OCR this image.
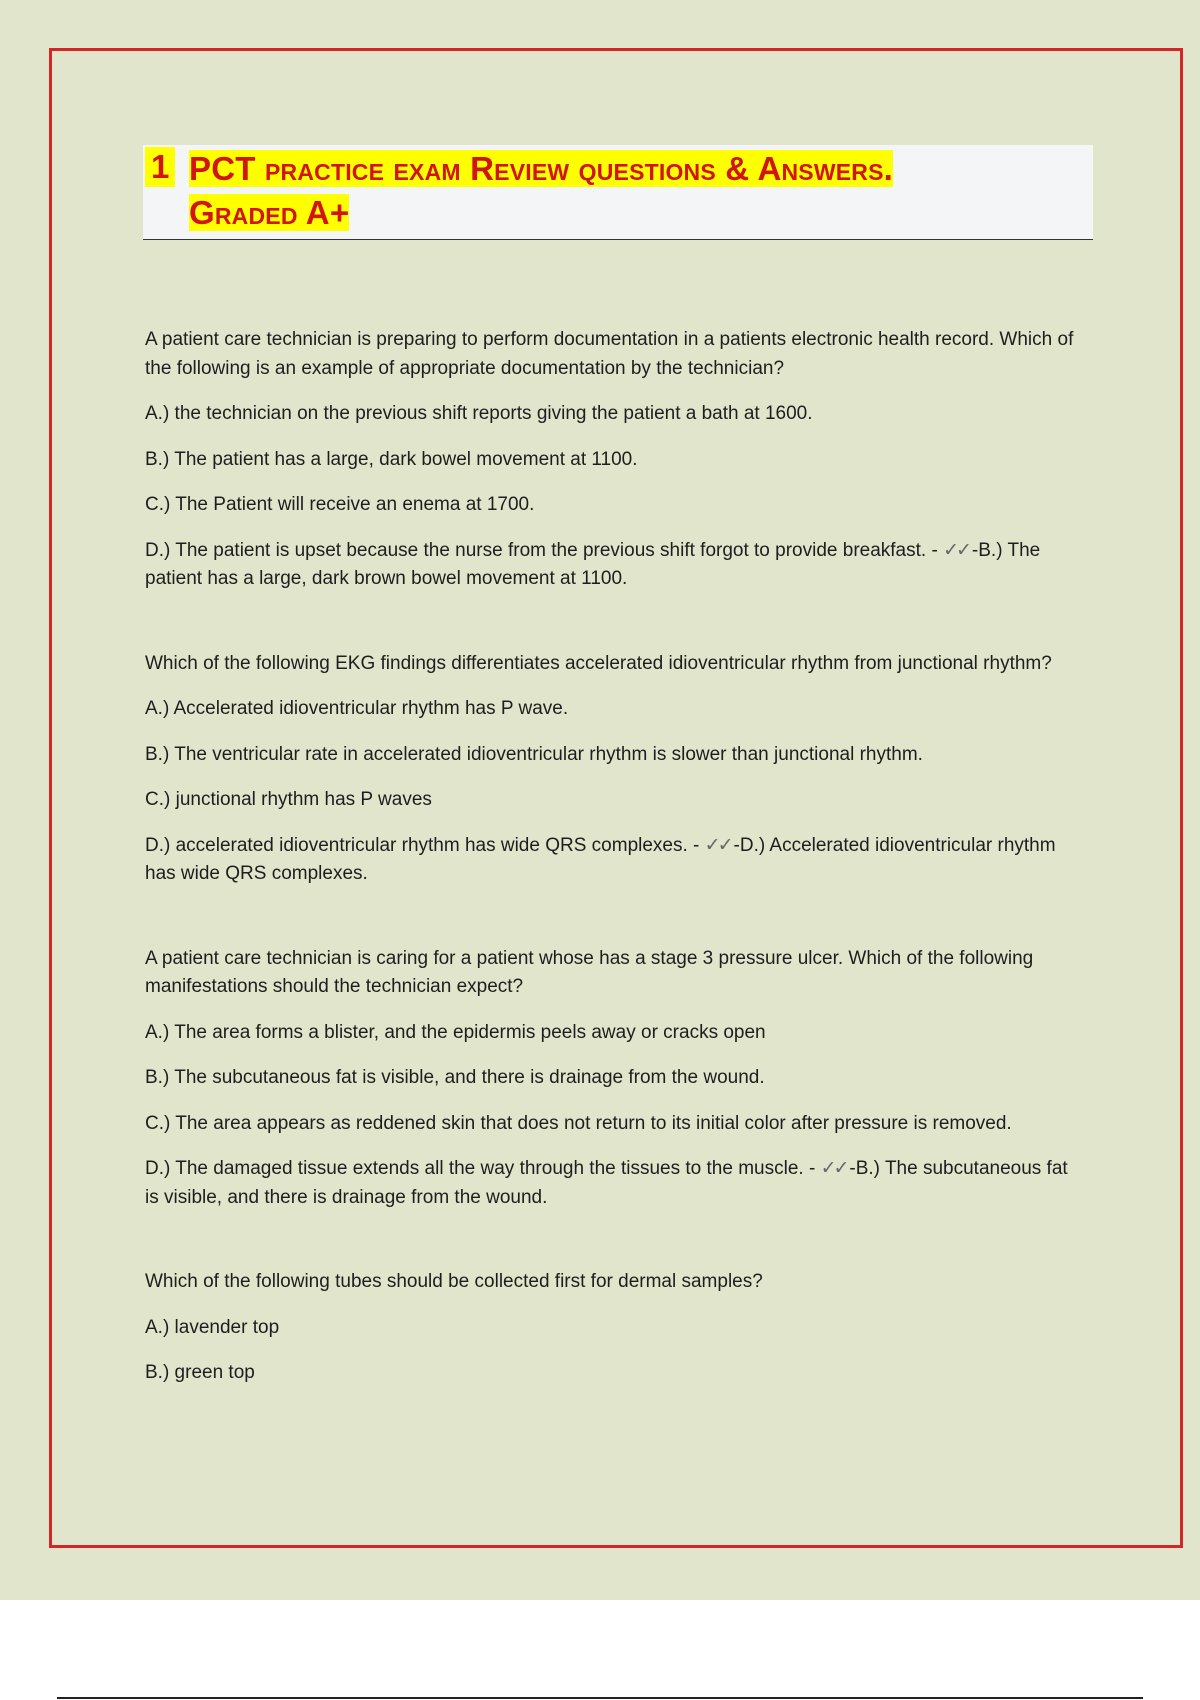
1 PCT practice exam Review questions & Answers.
Graded A+
A patient care technician is preparing to perform documentation in a patients electronic health record. Which of the following is an example of appropriate documentation by the technician?
A.) the technician on the previous shift reports giving the patient a bath at 1600.
B.) The patient has a large, dark bowel movement at 1100.
C.) The Patient will receive an enema at 1700.
D.) The patient is upset because the nurse from the previous shift forgot to provide breakfast. - ✓✓ -B.) The patient has a large, dark brown bowel movement at 1100.
Which of the following EKG findings differentiates accelerated idioventricular rhythm from junctional rhythm?
A.) Accelerated idioventricular rhythm has P wave.
B.) The ventricular rate in accelerated idioventricular rhythm is slower than junctional rhythm.
C.) junctional rhythm has P waves
D.) accelerated idioventricular rhythm has wide QRS complexes. - ✓✓ -D.) Accelerated idioventricular rhythm has wide QRS complexes.
A patient care technician is caring for a patient whose has a stage 3 pressure ulcer. Which of the following manifestations should the technician expect?
A.) The area forms a blister, and the epidermis peels away or cracks open
B.) The subcutaneous fat is visible, and there is drainage from the wound.
C.) The area appears as reddened skin that does not return to its initial color after pressure is removed.
D.) The damaged tissue extends all the way through the tissues to the muscle. - ✓✓ -B.) The subcutaneous fat is visible, and there is drainage from the wound.
Which of the following tubes should be collected first for dermal samples?
A.) lavender top
B.) green top
